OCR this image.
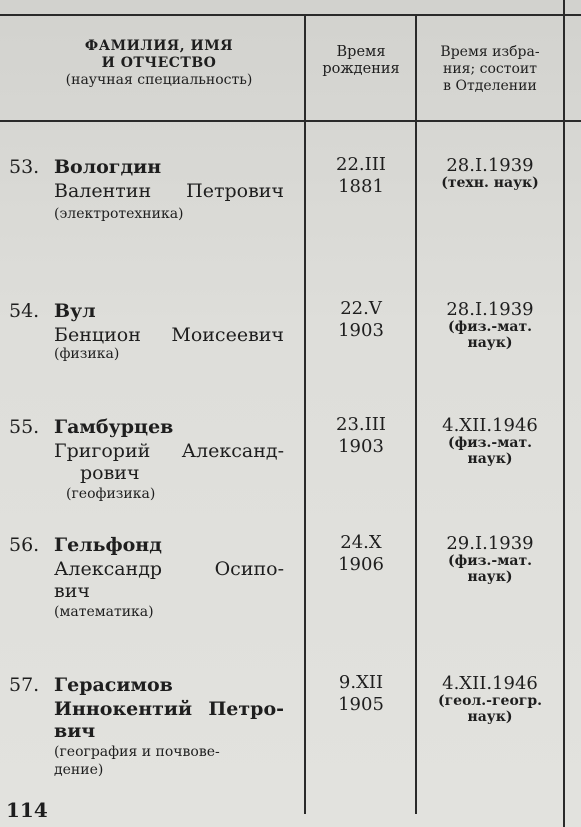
ФАМИЛИЯ, ИМЯ
И ОТЧЕСТВО
(научная специальность)
Время
рождения
Время избра-
ния; состоит
в Отделении
53. Вологдин
Валентин Петрович
(электротехника)
22.III
1881
28.I.1939
(техн. наук)
54. Вул
Бенцион Моисеевич
(физика)
22.V
1903
28.I.1939
(физ.-мат.
наук)
55. Гамбурцев
Григорий Александ-
рович
(геофизика)
23.III
1903
4.XII.1946
(физ.-мат.
наук)
56. Гельфонд
Александр Осипо-
вич
(математика)
24.X
1906
29.I.1939
(физ.-мат.
наук)
57. Герасимов
Иннокентий Петро-
вич
(география и почвове-
дение)
9.XII
1905
4.XII.1946
(геол.-геогр.
наук)
114
